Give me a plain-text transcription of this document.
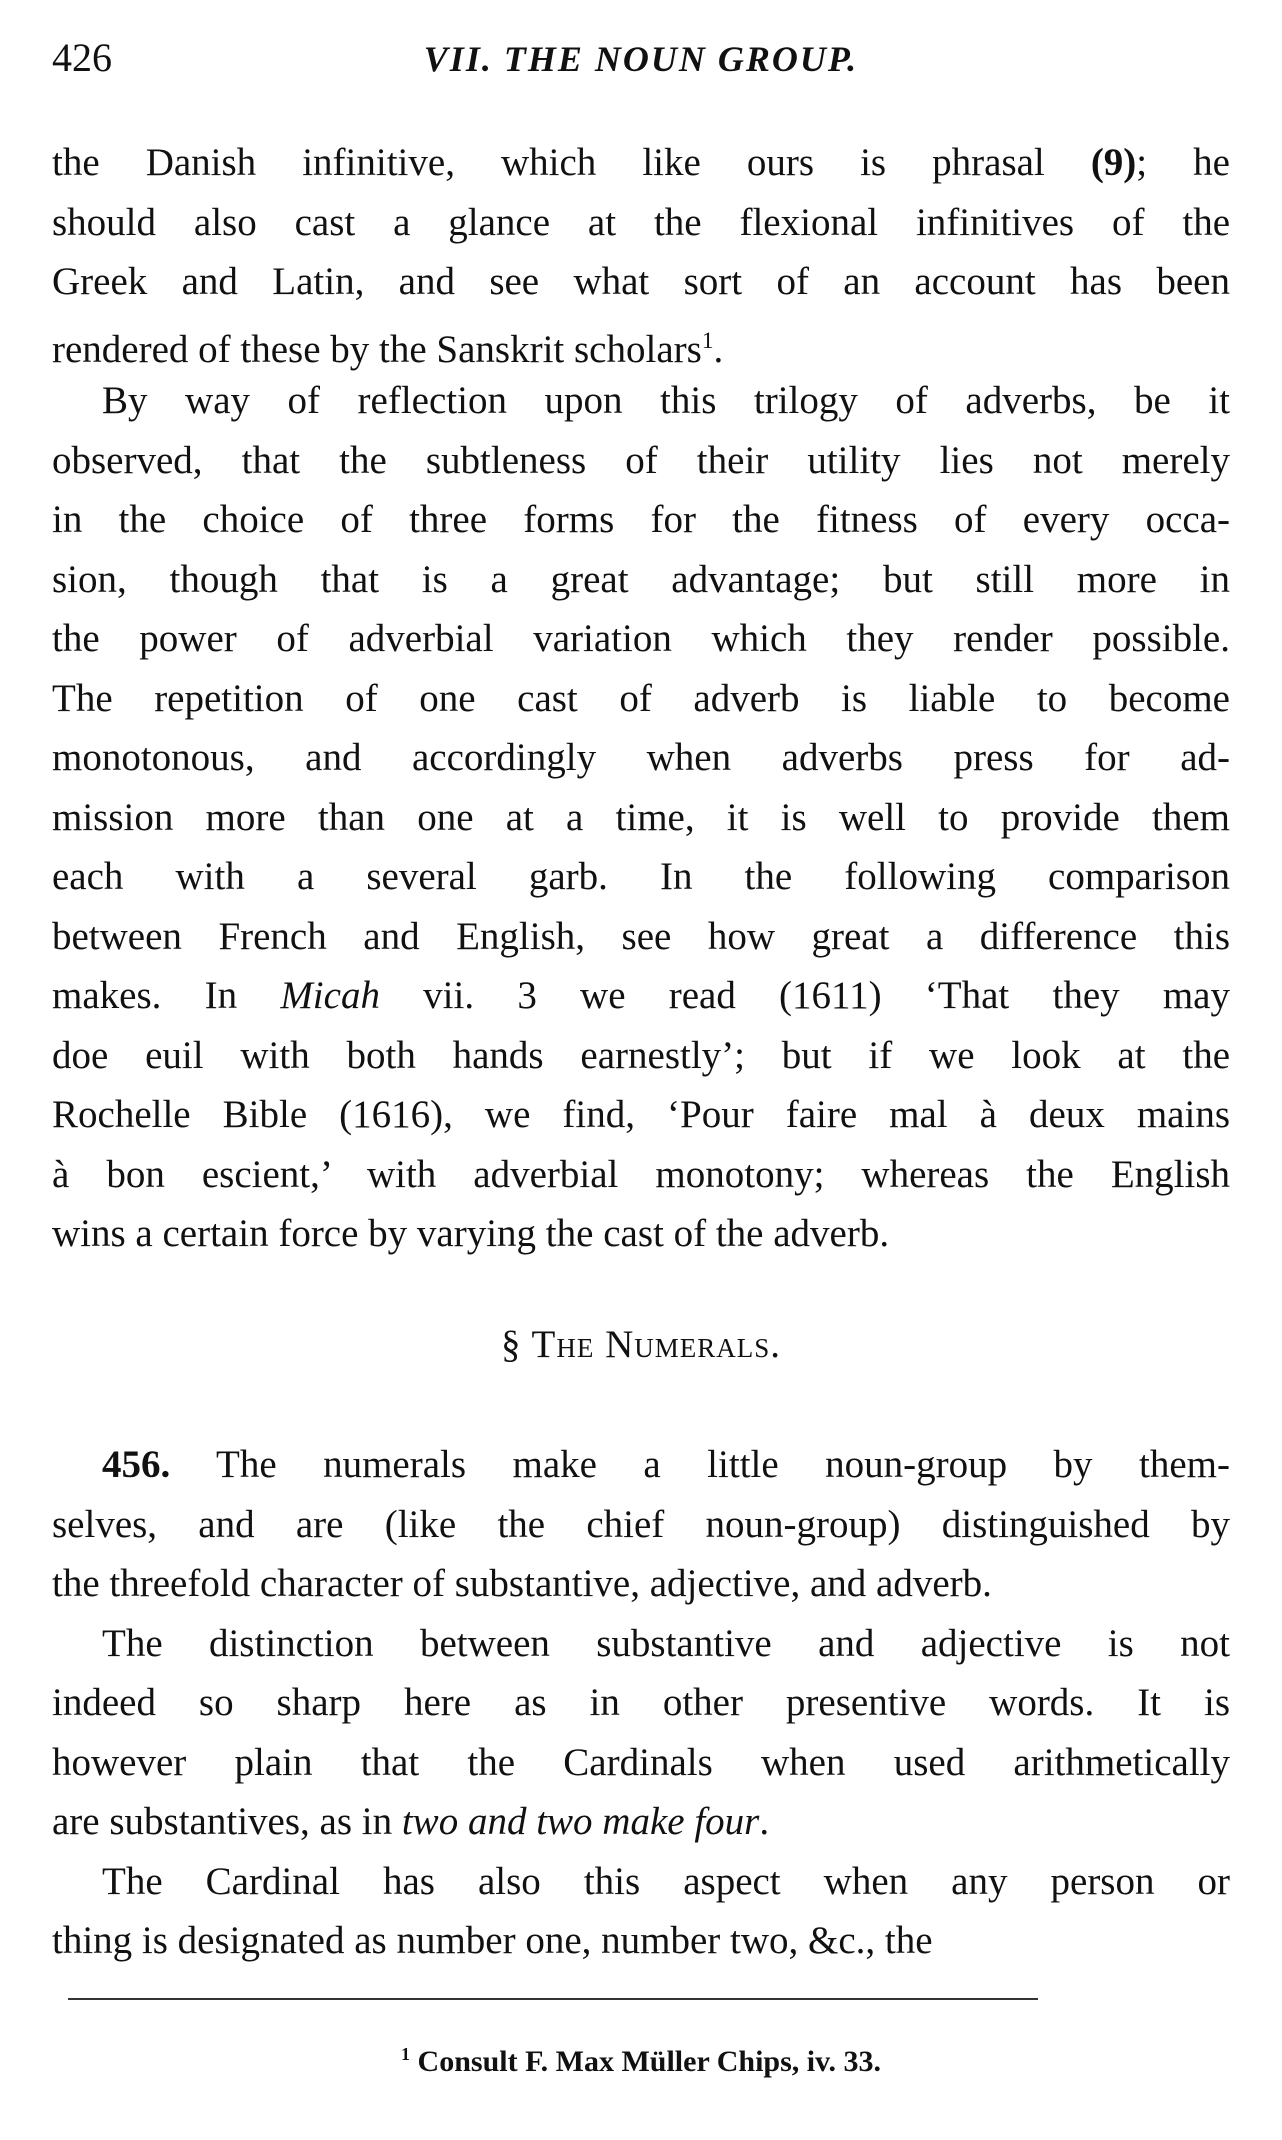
426	VII. THE NOUN GROUP.
the Danish infinitive, which like ours is phrasal (9); he
should also cast a glance at the flexional infinitives of the
Greek and Latin, and see what sort of an account has been
rendered of these by the Sanskrit scholars$^1$.
By way of reflection upon this trilogy of adverbs, be it
observed, that the subtleness of their utility lies not merely
in the choice of three forms for the fitness of every occa-
sion, though that is a great advantage; but still more in
the power of adverbial variation which they render possible.
The repetition of one cast of adverb is liable to become
monotonous, and accordingly when adverbs press for ad-
mission more than one at a time, it is well to provide them
each with a several garb. In the following comparison
between French and English, see how great a difference this
makes. In Micah vii. 3 we read (1611) ‘That they may
doe euil with both hands earnestly’; but if we look at the
Rochelle Bible (1616), we find, ‘Pour faire mal à deux mains
à bon escient,’ with adverbial monotony; whereas the English
wins a certain force by varying the cast of the adverb.
§ The Numerals.
456. The numerals make a little noun-group by them-
selves, and are (like the chief noun-group) distinguished by
the threefold character of substantive, adjective, and adverb.
The distinction between substantive and adjective is not
indeed so sharp here as in other presentive words. It is
however plain that the Cardinals when used arithmetically
are substantives, as in two and two make four.
The Cardinal has also this aspect when any person or
thing is designated as number one, number two, &c., the
$^1$ Consult F. Max Müller Chips, iv. 33.
